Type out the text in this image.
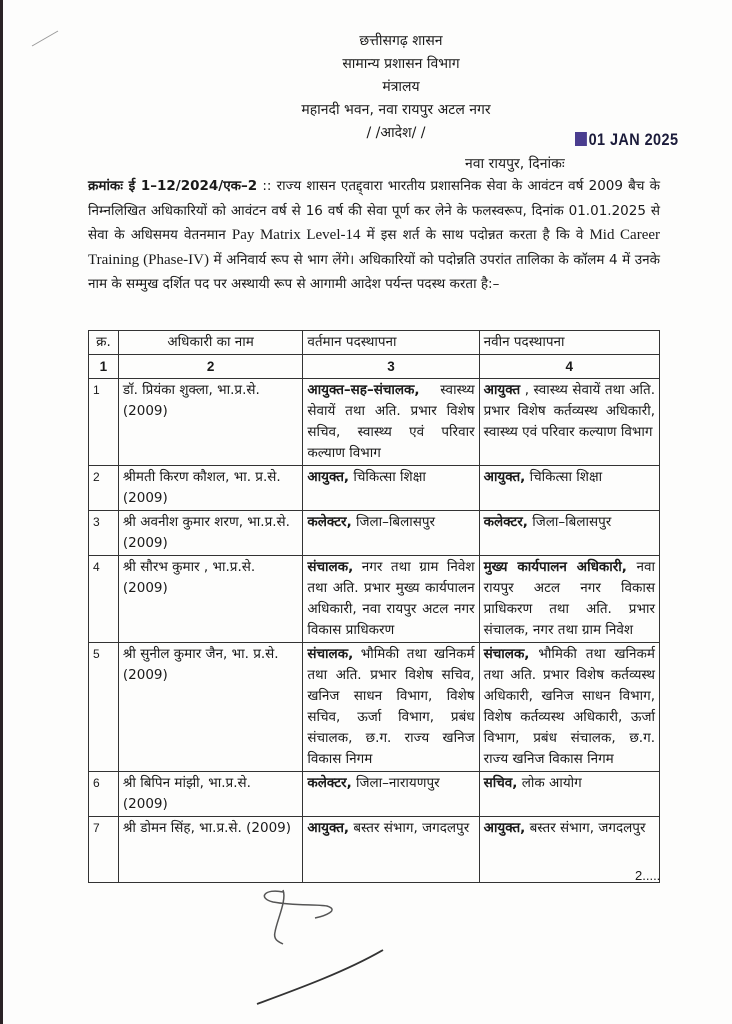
छत्तीसगढ़ शासन
सामान्य प्रशासन विभाग
मंत्रालय
महानदी भवन, नवा रायपुर अटल नगर
/ /आदेश/ /	01 JAN 2025
नवा रायपुर, दिनांकः
क्रमांकः ई 1–12/2024/एक–2 :: राज्य शासन एतद्द्वारा भारतीय प्रशासनिक सेवा के आवंटन वर्ष 2009 बैच के निम्नलिखित अधिकारियों को आवंटन वर्ष से 16 वर्ष की सेवा पूर्ण कर लेने के फलस्वरूप, दिनांक 01.01.2025 से सेवा के अधिसमय वेतनमान Pay Matrix Level-14 में इस शर्त के साथ पदोन्नत करता है कि वे Mid Career Training (Phase-IV) में अनिवार्य रूप से भाग लेंगे। अधिकारियों को पदोन्नति उपरांत तालिका के कॉलम 4 में उनके नाम के सम्मुख दर्शित पद पर अस्थायी रूप से आगामी आदेश पर्यन्त पदस्थ करता है:–
क्र.	अधिकारी का नाम	वर्तमान पदस्थापना	नवीन पदस्थापना
1	2	3	4
1	डॉ. प्रियंका शुक्ला, भा.प्र.से. (2009)	आयुक्त–सह–संचालक, स्वास्थ्य सेवायें तथा अति. प्रभार विशेष सचिव, स्वास्थ्य एवं परिवार कल्याण विभाग	आयुक्त , स्वास्थ्य सेवायें तथा अति. प्रभार विशेष कर्तव्यस्थ अधिकारी, स्वास्थ्य एवं परिवार कल्याण विभाग
2	श्रीमती किरण कौशल, भा. प्र.से. (2009)	आयुक्त, चिकित्सा शिक्षा	आयुक्त, चिकित्सा शिक्षा
3	श्री अवनीश कुमार शरण, भा.प्र.से. (2009)	कलेक्टर, जिला–बिलासपुर	कलेक्टर, जिला–बिलासपुर
4	श्री सौरभ कुमार , भा.प्र.से. (2009)	संचालक, नगर तथा ग्राम निवेश तथा अति. प्रभार मुख्य कार्यपालन अधिकारी, नवा रायपुर अटल नगर विकास प्राधिकरण	मुख्य कार्यपालन अधिकारी, नवा रायपुर अटल नगर विकास प्राधिकरण तथा अति. प्रभार संचालक, नगर तथा ग्राम निवेश
5	श्री सुनील कुमार जैन, भा. प्र.से. (2009)	संचालक, भौमिकी तथा खनिकर्म तथा अति. प्रभार विशेष सचिव, खनिज साधन विभाग, विशेष सचिव, ऊर्जा विभाग, प्रबंध संचालक, छ.ग. राज्य खनिज विकास निगम	संचालक, भौमिकी तथा खनिकर्म तथा अति. प्रभार विशेष कर्तव्यस्थ अधिकारी, खनिज साधन विभाग, विशेष कर्तव्यस्थ अधिकारी, ऊर्जा विभाग, प्रबंध संचालक, छ.ग. राज्य खनिज विकास निगम
6	श्री बिपिन मांझी, भा.प्र.से. (2009)	कलेक्टर, जिला–नारायणपुर	सचिव, लोक आयोग
7	श्री डोमन सिंह, भा.प्र.से. (2009)	आयुक्त, बस्तर संभाग, जगदलपुर	आयुक्त, बस्तर संभाग, जगदलपुर
2.....
